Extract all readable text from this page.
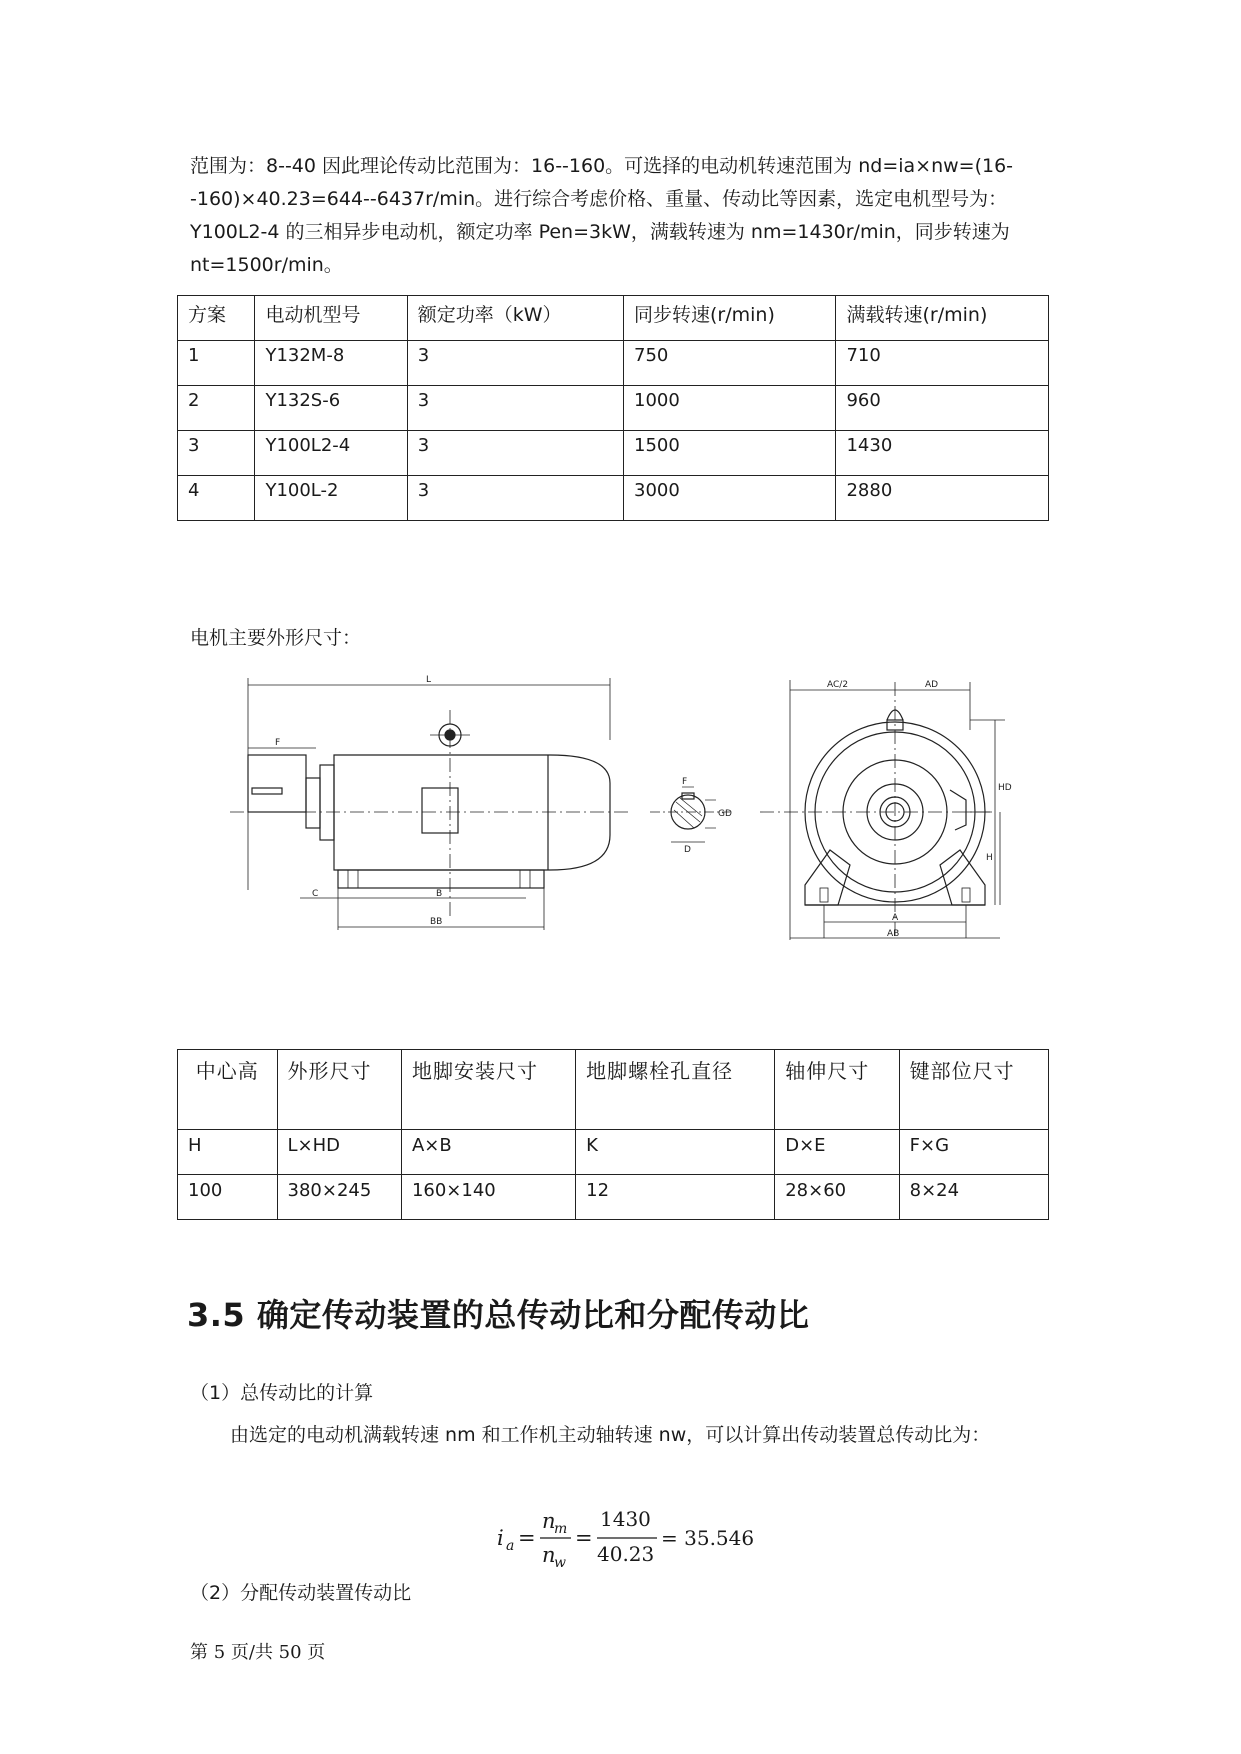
范围为：8--40 因此理论传动比范围为：16--160。可选择的电动机转速范围为 nd=ia×nw=(16--160)×40.23=644--6437r/min。进行综合考虑价格、重量、传动比等因素，选定电机型号为：Y100L2-4 的三相异步电动机，额定功率 Pen=3kW，满载转速为 nm=1430r/min，同步转速为 nt=1500r/min。
方案	电动机型号	额定功率（kW）	同步转速(r/min)	满载转速(r/min)
1	Y132M-8	3	750	710
2	Y132S-6	3	1000	960
3	Y100L2-4	3	1500	1430
4	Y100L-2	3	3000	2880
电机主要外形尺寸：
L
F
C	B
BB
F
GD
D
AC/2	AD
A
AB
HD
H
中心高	外形尺寸	地脚安装尺寸	地脚螺栓孔直径	轴伸尺寸	键部位尺寸
H	L×HD	A×B	K	D×E	F×G
100	380×245	160×140	12	28×60	8×24
3.5 确定传动装置的总传动比和分配传动比
（1）总传动比的计算
由选定的电动机满载转速 nm 和工作机主动轴转速 nw，可以计算出传动装置总传动比为：
i a =
n
m
n
w
=
1430
40.23
= 35.546
（2）分配传动装置传动比
第 5 页/共 50 页
